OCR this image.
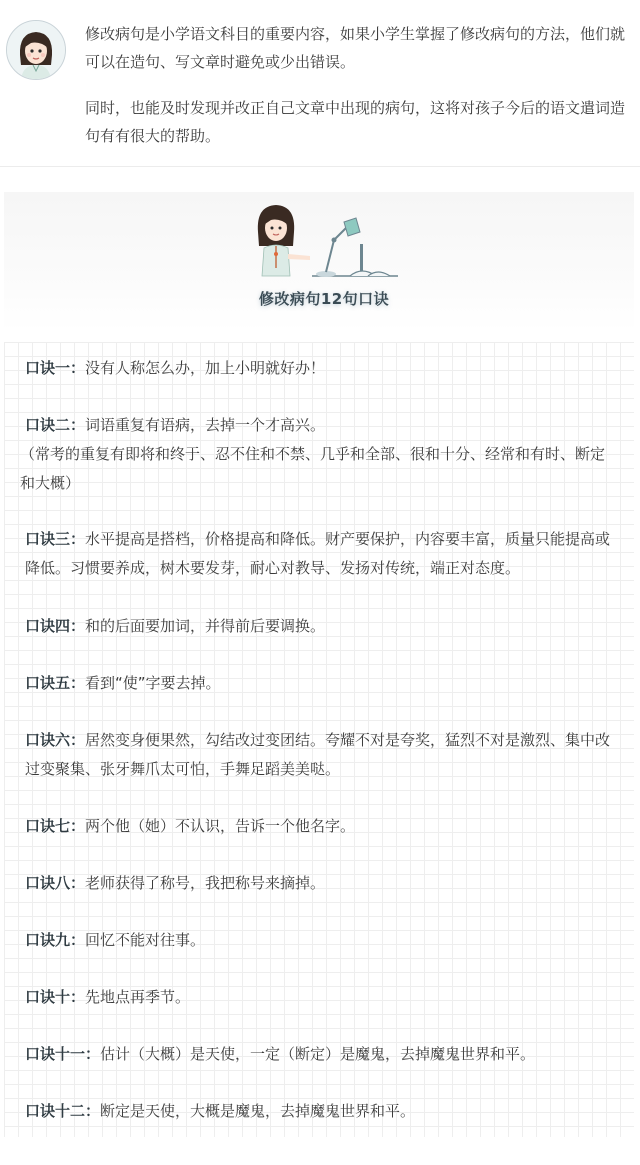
修改病句是小学语文科目的重要内容，如果小学生掌握了修改病句的方法，他们就可以在造句、写文章时避免或少出错误。

同时，也能及时发现并改正自己文章中出现的病句，这将对孩子今后的语文遣词造句有有很大的帮助。

修改病句12句口诀
口诀一：没有人称怎么办，加上小明就好办！
口诀二：词语重复有语病，去掉一个才高兴。
（常考的重复有即将和终于、忍不住和不禁、几乎和全部、很和十分、经常和有时、断定和大概）
口诀三：水平提高是搭档，价格提高和降低。财产要保护，内容要丰富，质量只能提高或降低。习惯要养成，树木要发芽，耐心对教导、发扬对传统，端正对态度。
口诀四：和的后面要加词，并得前后要调换。
口诀五：看到“使”字要去掉。
口诀六：居然变身便果然，勾结改过变团结。夸耀不对是夸奖，猛烈不对是激烈、集中改过变聚集、张牙舞爪太可怕，手舞足蹈美美哒。
口诀七：两个他（她）不认识，告诉一个他名字。
口诀八：老师获得了称号，我把称号来摘掉。
口诀九：回忆不能对往事。
口诀十：先地点再季节。
口诀十一：估计（大概）是天使，一定（断定）是魔鬼，去掉魔鬼世界和平。
口诀十二：断定是天使，大概是魔鬼，去掉魔鬼世界和平。
